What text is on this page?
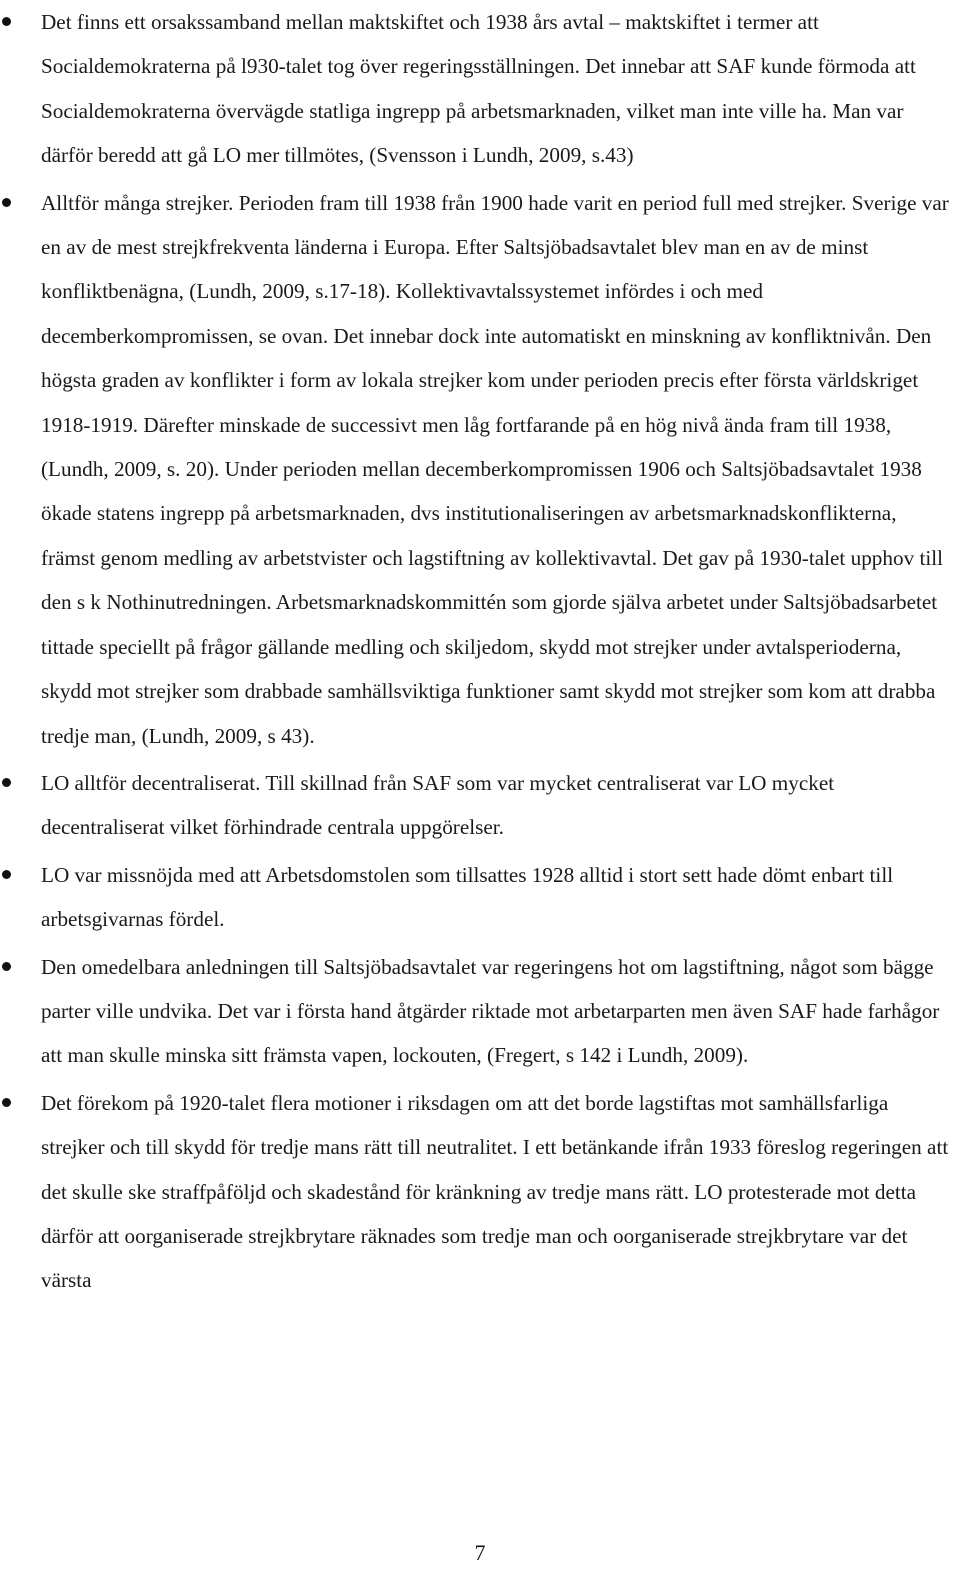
Det finns ett orsakssamband mellan maktskiftet och 1938 års avtal – maktskiftet i termer att Socialdemokraterna på l930-talet tog över regeringsställningen. Det innebar att SAF kunde förmoda att Socialdemokraterna övervägde statliga ingrepp på arbetsmarknaden, vilket man inte ville ha. Man var därför beredd att gå LO mer tillmötes, (Svensson i Lundh, 2009, s.43)

Alltför många strejker. Perioden fram till 1938 från 1900 hade varit en period full med strejker. Sverige var en av de mest strejkfrekventa länderna i Europa. Efter Saltsjöbadsavtalet blev man en av de minst konfliktbenägna, (Lundh, 2009, s.17-18). Kollektivavtalssystemet infördes i och med decemberkompromissen, se ovan. Det innebar dock inte automatiskt en minskning av konfliktnivån. Den högsta graden av konflikter i form av lokala strejker kom under perioden precis efter första världskriget 1918-1919. Därefter minskade de successivt men låg fortfarande på en hög nivå ända fram till 1938, (Lundh, 2009, s. 20). Under perioden mellan decemberkompromissen 1906 och Saltsjöbadsavtalet 1938 ökade statens ingrepp på arbetsmarknaden, dvs institutionaliseringen av arbetsmarknadskonflikterna, främst genom medling av arbetstvister och lagstiftning av kollektivavtal. Det gav på 1930-talet upphov till den s k Nothinutredningen. Arbetsmarknadskommittén som gjorde själva arbetet under Saltsjöbadsarbetet tittade speciellt på frågor gällande medling och skiljedom, skydd mot strejker under avtalsperioderna, skydd mot strejker som drabbade samhällsviktiga funktioner samt skydd mot strejker som kom att drabba tredje man, (Lundh, 2009, s 43).

LO alltför decentraliserat. Till skillnad från SAF som var mycket centraliserat var LO mycket decentraliserat vilket förhindrade centrala uppgörelser.

LO var missnöjda med att Arbetsdomstolen som tillsattes 1928 alltid i stort sett hade dömt enbart till arbetsgivarnas fördel.

Den omedelbara anledningen till Saltsjöbadsavtalet var regeringens hot om lagstiftning, något som bägge parter ville undvika. Det var i första hand åtgärder riktade mot arbetarparten men även SAF hade farhågor att man skulle minska sitt främsta vapen, lockouten, (Fregert, s 142 i Lundh, 2009).

Det förekom på 1920-talet flera motioner i riksdagen om att det borde lagstiftas mot samhällsfarliga strejker och till skydd för tredje mans rätt till neutralitet. I ett betänkande ifrån 1933 föreslog regeringen att det skulle ske straffpåföljd och skadestånd för kränkning av tredje mans rätt. LO protesterade mot detta därför att oorganiserade strejkbrytare räknades som tredje man och oorganiserade strejkbrytare var det värsta

7
